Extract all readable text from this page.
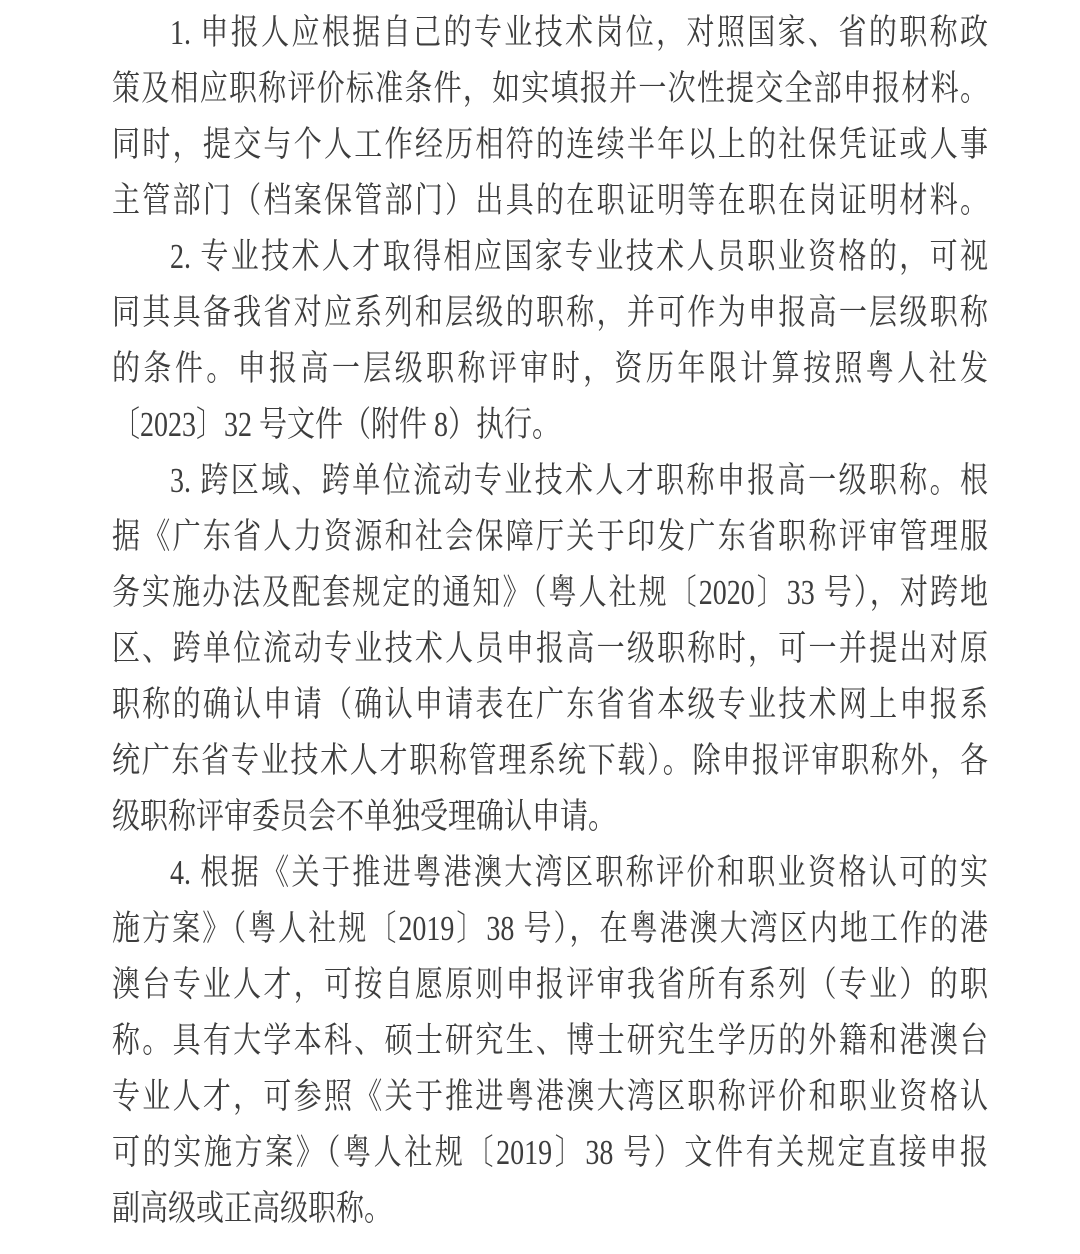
1. 申报人应根据自己的专业技术岗位，对照国家、省的职称政
策及相应职称评价标准条件，如实填报并一次性提交全部申报材料。
同时，提交与个人工作经历相符的连续半年以上的社保凭证或人事
主管部门（档案保管部门）出具的在职证明等在职在岗证明材料。
2. 专业技术人才取得相应国家专业技术人员职业资格的，可视
同其具备我省对应系列和层级的职称，并可作为申报高一层级职称
的条件。申报高一层级职称评审时，资历年限计算按照粤人社发
〔2023〕32 号文件（附件 8）执行。
3. 跨区域、跨单位流动专业技术人才职称申报高一级职称。根
据《广东省人力资源和社会保障厅关于印发广东省职称评审管理服
务实施办法及配套规定的通知》（粤人社规〔2020〕33 号），对跨地
区、跨单位流动专业技术人员申报高一级职称时，可一并提出对原
职称的确认申请（确认申请表在广东省省本级专业技术网上申报系
统广东省专业技术人才职称管理系统下载）。除申报评审职称外，各
级职称评审委员会不单独受理确认申请。
4. 根据《关于推进粤港澳大湾区职称评价和职业资格认可的实
施方案》（粤人社规〔2019〕38 号），在粤港澳大湾区内地工作的港
澳台专业人才，可按自愿原则申报评审我省所有系列（专业）的职
称。具有大学本科、硕士研究生、博士研究生学历的外籍和港澳台
专业人才，可参照《关于推进粤港澳大湾区职称评价和职业资格认
可的实施方案》（粤人社规〔2019〕38 号）文件有关规定直接申报
副高级或正高级职称。
